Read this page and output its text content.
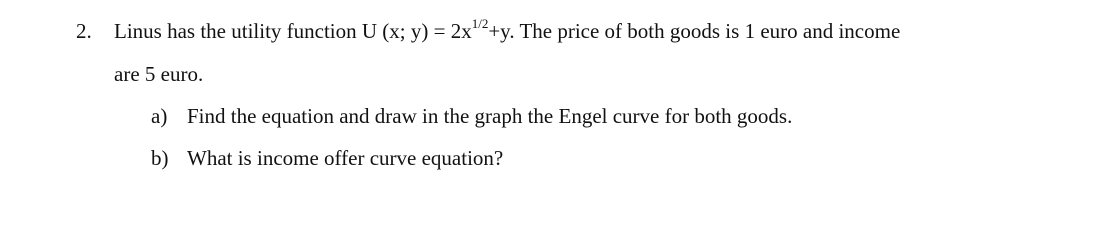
2. Linus has the utility function U (x; $y) = 2x^{1/2}+y$. The price of both goods is 1 euro and income
are 5 euro.
a) Find the equation and draw in the graph the Engel curve for both goods.
b) What is income offer curve equation?
